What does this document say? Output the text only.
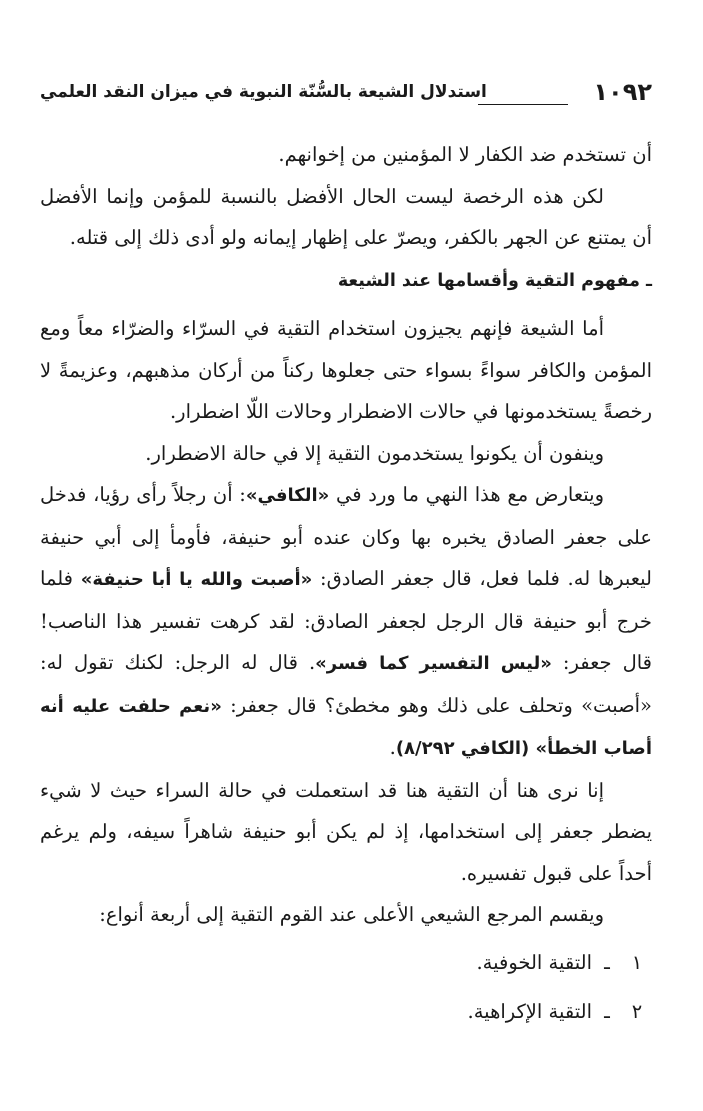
١٠٩٢
استدلال الشيعة بالسُّنّة النبوية في ميزان النقد العلمي

أن تستخدم ضد الكفار لا المؤمنين من إخوانهم.

لكن هذه الرخصة ليست الحال الأفضل بالنسبة للمؤمن وإنما الأفضل أن يمتنع عن الجهر بالكفر، ويصرّ على إظهار إيمانه ولو أدى ذلك إلى قتله.

ـ مفهوم التقية وأقسامها عند الشيعة

أما الشيعة فإنهم يجيزون استخدام التقية في السرّاء والضرّاء معاً ومع المؤمن والكافر سواءً بسواء حتى جعلوها ركناً من أركان مذهبهم، وعزيمةً لا رخصةً يستخدمونها في حالات الاضطرار وحالات اللّا اضطرار.

وينفون أن يكونوا يستخدمون التقية إلا في حالة الاضطرار.

ويتعارض مع هذا النهي ما ورد في «الكافي»: أن رجلاً رأى رؤيا، فدخل على جعفر الصادق يخبره بها وكان عنده أبو حنيفة، فأومأ إلى أبي حنيفة ليعبرها له. فلما فعل، قال جعفر الصادق: «أصبت والله يا أبا حنيفة» فلما خرج أبو حنيفة قال الرجل لجعفر الصادق: لقد كرهت تفسير هذا الناصب! قال جعفر: «ليس التفسير كما فسر». قال له الرجل: لكنك تقول له: «أصبت» وتحلف على ذلك وهو مخطئ؟ قال جعفر: «نعم حلفت عليه أنه أصاب الخطأ» (الكافي ٨/٢٩٢).

إنا نرى هنا أن التقية هنا قد استعملت في حالة السراء حيث لا شيء يضطر جعفر إلى استخدامها، إذ لم يكن أبو حنيفة شاهراً سيفه، ولم يرغم أحداً على قبول تفسيره.

ويقسم المرجع الشيعي الأعلى عند القوم التقية إلى أربعة أنواع:

١
ـ
التقية الخوفية.
٢
ـ
التقية الإكراهية.
